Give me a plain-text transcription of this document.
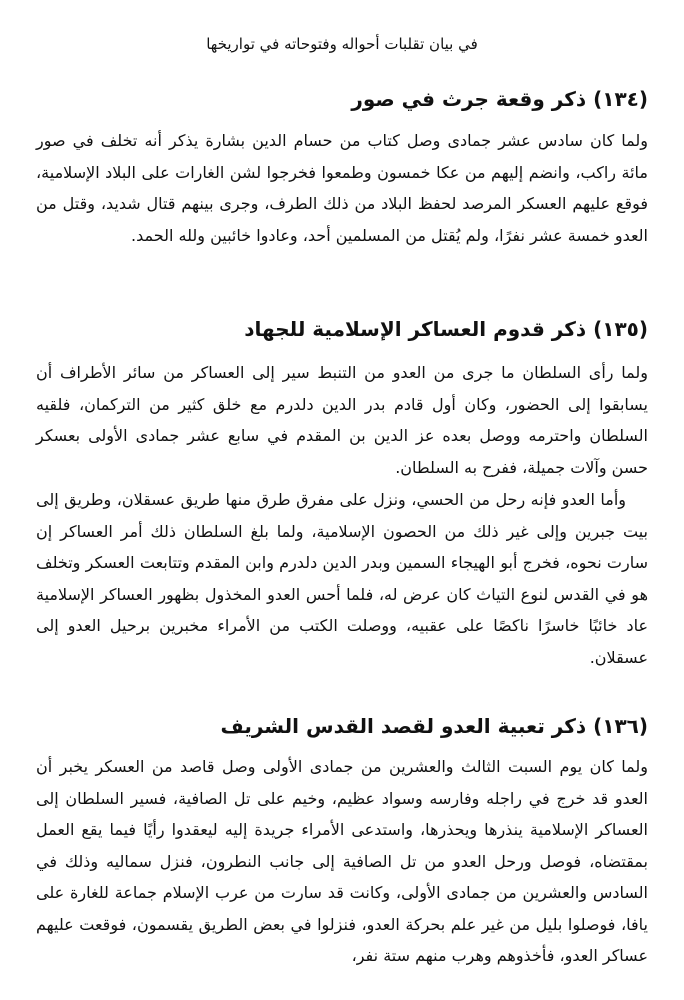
في بيان تقلبات أحواله وفتوحاته في تواريخها

(١٣٤) ذكر وقعة جرث في صور

ولما كان سادس عشر جمادى وصل كتاب من حسام الدين بشارة يذكر أنه تخلف في صور مائة راكب، وانضم إليهم من عكا خمسون وطمعوا فخرجوا لشن الغارات على البلاد الإسلامية، فوقع عليهم العسكر المرصد لحفظ البلاد من ذلك الطرف، وجرى بينهم قتال شديد، وقتل من العدو خمسة عشر نفرًا، ولم يُقتل من المسلمين أحد، وعادوا خائبين ولله الحمد.

(١٣٥) ذكر قدوم العساكر الإسلامية للجهاد

ولما رأى السلطان ما جرى من العدو من التنبط سير إلى العساكر من سائر الأطراف أن يسابقوا إلى الحضور، وكان أول قادم بدر الدين دلدرم مع خلق كثير من التركمان، فلقيه السلطان واحترمه ووصل بعده عز الدين بن المقدم في سابع عشر جمادى الأولى بعسكر حسن وآلات جميلة، ففرح به السلطان.

وأما العدو فإنه رحل من الحسي، ونزل على مفرق طرق منها طريق عسقلان، وطريق إلى بيت جبرين وإلى غير ذلك من الحصون الإسلامية، ولما بلغ السلطان ذلك أمر العساكر إن سارت نحوه، فخرج أبو الهيجاء السمين وبدر الدين دلدرم وابن المقدم وتتابعت العسكر وتخلف هو في القدس لنوع التياث كان عرض له، فلما أحس العدو المخذول بظهور العساكر الإسلامية عاد خائبًا خاسرًا ناكصًا على عقبيه، ووصلت الكتب من الأمراء مخبرين برحيل العدو إلى عسقلان.

(١٣٦) ذكر تعبية العدو لقصد القدس الشريف

ولما كان يوم السبت الثالث والعشرين من جمادى الأولى وصل قاصد من العسكر يخبر أن العدو قد خرج في راجله وفارسه وسواد عظيم، وخيم على تل الصافية، فسير السلطان إلى العساكر الإسلامية ينذرها ويحذرها، واستدعى الأمراء جريدة إليه ليعقدوا رأيًا فيما يقع العمل بمقتضاه، فوصل ورحل العدو من تل الصافية إلى جانب النطرون، فنزل سماليه وذلك في السادس والعشرين من جمادى الأولى، وكانت قد سارت من عرب الإسلام جماعة للغارة على يافا، فوصلوا بليل من غير علم بحركة العدو، فنزلوا في بعض الطريق يقسمون، فوقعت عليهم عساكر العدو، فأخذوهم وهرب منهم ستة نفر،
